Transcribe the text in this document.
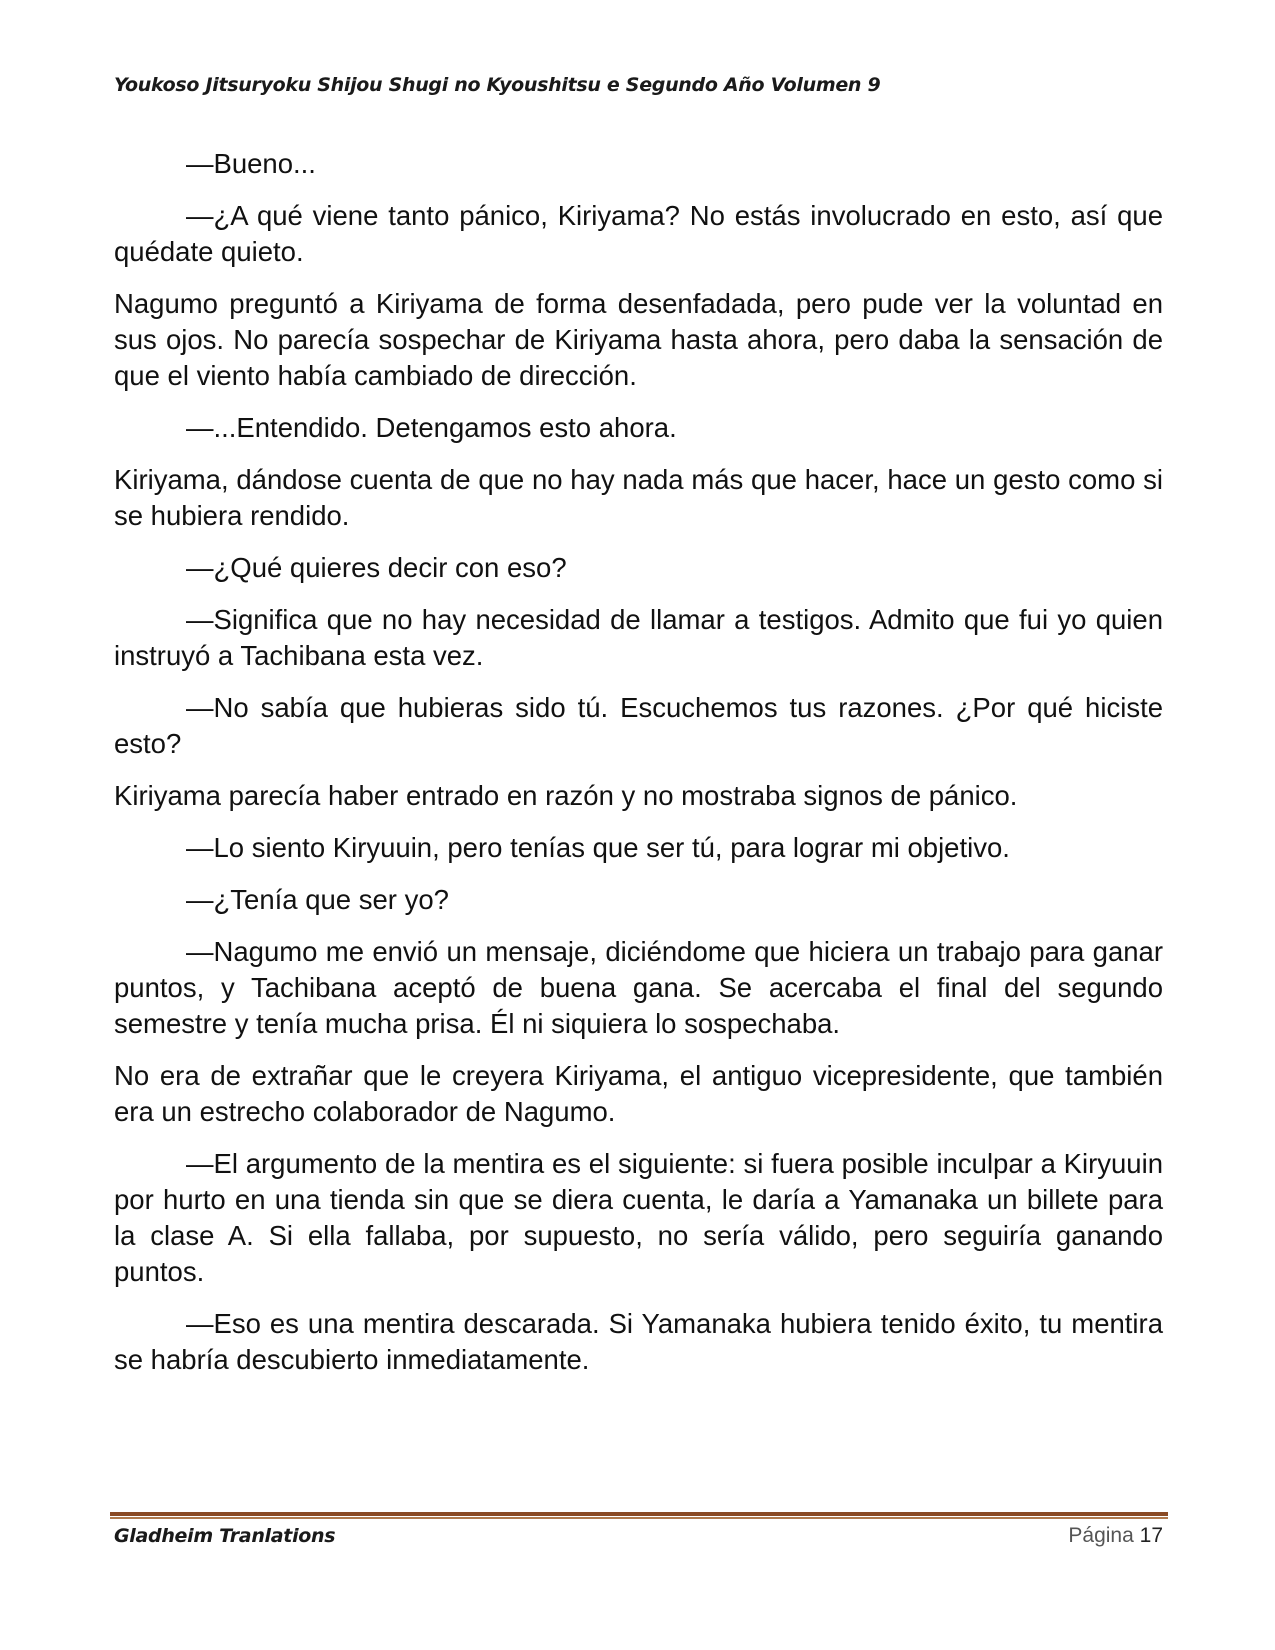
Youkoso Jitsuryoku Shijou Shugi no Kyoushitsu e Segundo Año Volumen 9

—Bueno...

—¿A qué viene tanto pánico, Kiriyama? No estás involucrado en esto, así que quédate quieto.

Nagumo preguntó a Kiriyama de forma desenfadada, pero pude ver la voluntad en sus ojos. No parecía sospechar de Kiriyama hasta ahora, pero daba la sensación de que el viento había cambiado de dirección.

—...Entendido. Detengamos esto ahora.

Kiriyama, dándose cuenta de que no hay nada más que hacer, hace un gesto como si se hubiera rendido.

—¿Qué quieres decir con eso?

—Significa que no hay necesidad de llamar a testigos. Admito que fui yo quien instruyó a Tachibana esta vez.

—No sabía que hubieras sido tú. Escuchemos tus razones. ¿Por qué hiciste esto?

Kiriyama parecía haber entrado en razón y no mostraba signos de pánico.

—Lo siento Kiryuuin, pero tenías que ser tú, para lograr mi objetivo.

—¿Tenía que ser yo?

—Nagumo me envió un mensaje, diciéndome que hiciera un trabajo para ganar puntos, y Tachibana aceptó de buena gana. Se acercaba el final del segundo semestre y tenía mucha prisa. Él ni siquiera lo sospechaba.

No era de extrañar que le creyera Kiriyama, el antiguo vicepresidente, que también era un estrecho colaborador de Nagumo.

—El argumento de la mentira es el siguiente: si fuera posible inculpar a Kiryuuin por hurto en una tienda sin que se diera cuenta, le daría a Yamanaka un billete para la clase A. Si ella fallaba, por supuesto, no sería válido, pero seguiría ganando puntos.

—Eso es una mentira descarada. Si Yamanaka hubiera tenido éxito, tu mentira se habría descubierto inmediatamente.

Gladheim Tranlations	Página 17
